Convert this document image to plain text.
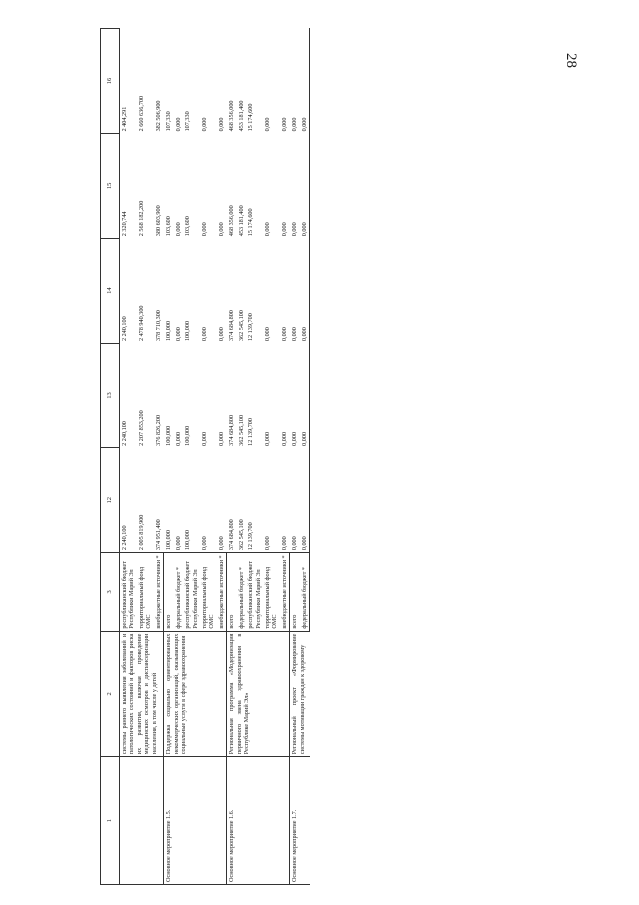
28
1	2	3	12	13	14	15	16
	системы раннего выявления заболеваний и патологических состояний и факторов риска их развития, включая проведение медицинских осмотров и диспансеризации населения, в том числе у детей	республиканский бюджет Республики Марий Эл	2 240,100	2 240,100	2 240,100	2 320,744	2 404,291
		территориальный фонд ОМС	2 005 819,900	2 207 853,200	2 478 940,300	2 568 182,200	2 660 636,700
		внебюджетные источники *	374 951,400	376 826,200	378 710,300	380 603,900	382 506,900
Основное мероприятие 1.5.	Поддержка социально ориентированных некоммерческих организаций, оказывающих социальные услуги в сфере здравоохранения	всего	100,000	100,000	100,000	103,600	107,330
		федеральный бюджет *	0,000	0,000	0,000	0,000	0,000
		республиканский бюджет Республики Марий Эл	100,000	100,000	100,000	103,600	107,330
		территориальный фонд ОМС	0,000	0,000	0,000	0,000	0,000
		внебюджетные источники *	0,000	0,000	0,000	0,000	0,000
Основное мероприятие 1.6.	Региональная программа «Модернизация первичного звена здравоохранения в Республике Марий Эл»	всего	374 684,800	374 684,800	374 684,800	468 356,000	468 356,000
		федеральный бюджет *	362 545,100	362 545,100	362 545,100	453 181,400	453 181,400
		республиканский бюджет Республики Марий Эл	12 139,700	12 139,700	12 139,700	15 174,600	15 174,600
		территориальный фонд ОМС	0,000	0,000	0,000	0,000	0,000
		внебюджетные источники *	0,000	0,000	0,000	0,000	0,000
Основное мероприятие 1.7.	Региональный проект «Формирование системы мотивации граждан к здоровому	всего	0,000	0,000	0,000	0,000	0,000
		федеральный бюджет *	0,000	0,000	0,000	0,000	0,000
